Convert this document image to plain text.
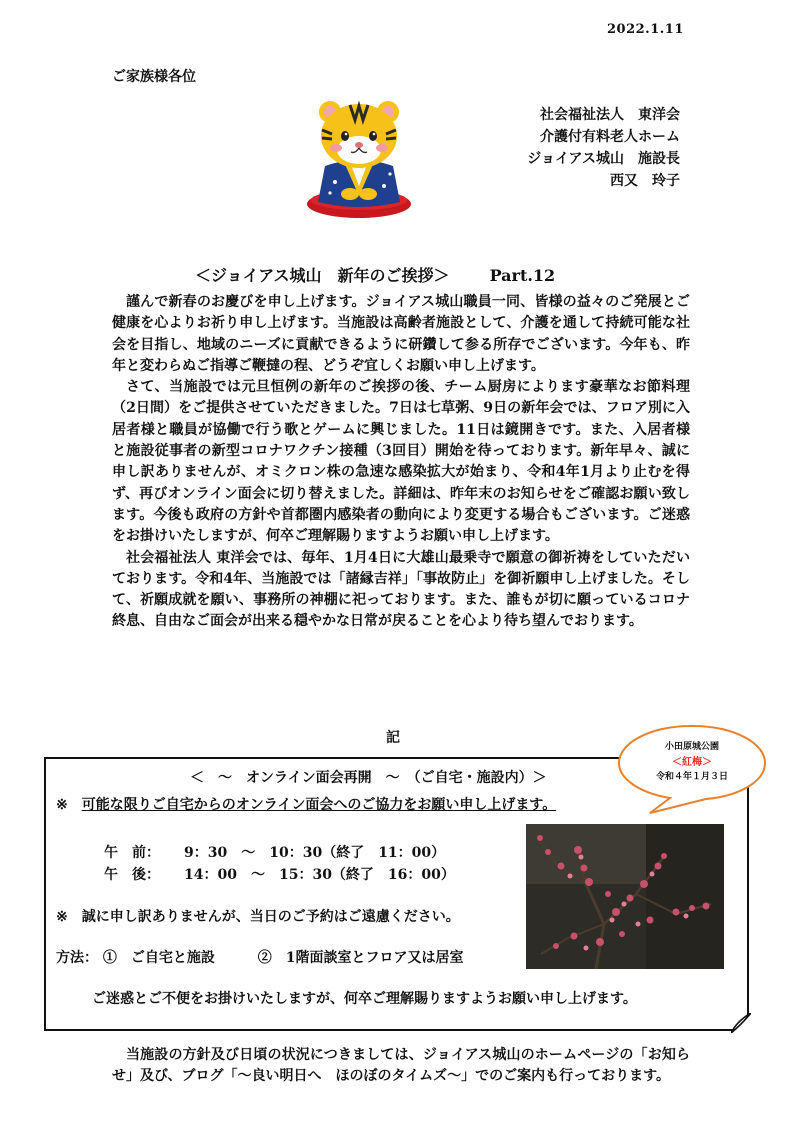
2022.1.11
ご家族様各位
社会福祉法人　東洋会
介護付有料老人ホーム
ジョイアス城山　施設長
西又　玲子
＜ジョイアス城山　新年のご挨拶＞	Part.12

謹んで新春のお慶びを申し上げます。ジョイアス城山職員一同、皆様の益々のご発展とご健康を心よりお祈り申し上げます。当施設は高齢者施設として、介護を通して持続可能な社会を目指し、地域のニーズに貢献できるように研鑽して参る所存でございます。今年も、昨年と変わらぬご指導ご鞭撻の程、どうぞ宜しくお願い申し上げます。

さて、当施設では元旦恒例の新年のご挨拶の後、チーム厨房によります豪華なお節料理（2日間）をご提供させていただきました。7日は七草粥、9日の新年会では、フロア別に入居者様と職員が協働で行う歌とゲームに興じました。11日は鏡開きです。また、入居者様と施設従事者の新型コロナワクチン接種（3回目）開始を待っております。新年早々、誠に申し訳ありませんが、オミクロン株の急速な感染拡大が始まり、令和4年1月より止むを得ず、再びオンライン面会に切り替えました。詳細は、昨年末のお知らせをご確認お願い致します。今後も政府の方針や首都圏内感染者の動向により変更する場合もございます。ご迷惑をお掛けいたしますが、何卒ご理解賜りますようお願い申し上げます。

社会福祉法人 東洋会では、毎年、1月4日に大雄山最乗寺で願意の御祈祷をしていただいております。令和4年、当施設では「諸縁吉祥」「事故防止」を御祈願申し上げました。そして、祈願成就を願い、事務所の神棚に祀っております。また、誰もが切に願っているコロナ終息、自由なご面会が出来る穏やかな日常が戻ることを心より待ち望んでおります。

記
＜　～　オンライン面会再開　～　（ご自宅・施設内）＞
※ 可能な限りご自宅からのオンライン面会へのご協力をお願い申し上げます。
午　前： 9：30　～　10：30（終了　11：00）
午　後： 14：00　～　15：30（終了　16：00）
※ 誠に申し訳ありませんが、当日のご予約はご遠慮ください。
方法： ①　ご自宅と施設	②　1階面談室とフロア又は居室
ご迷惑とご不便をお掛けいたしますが、何卒ご理解賜りますようお願い申し上げます。
小田原城公園
＜紅梅＞
令和４年１月３日
当施設の方針及び日頃の状況につきましては、ジョイアス城山のホームページの「お知らせ」及び、ブログ「～良い明日へ　ほのぼのタイムズ～」でのご案内も行っております。
